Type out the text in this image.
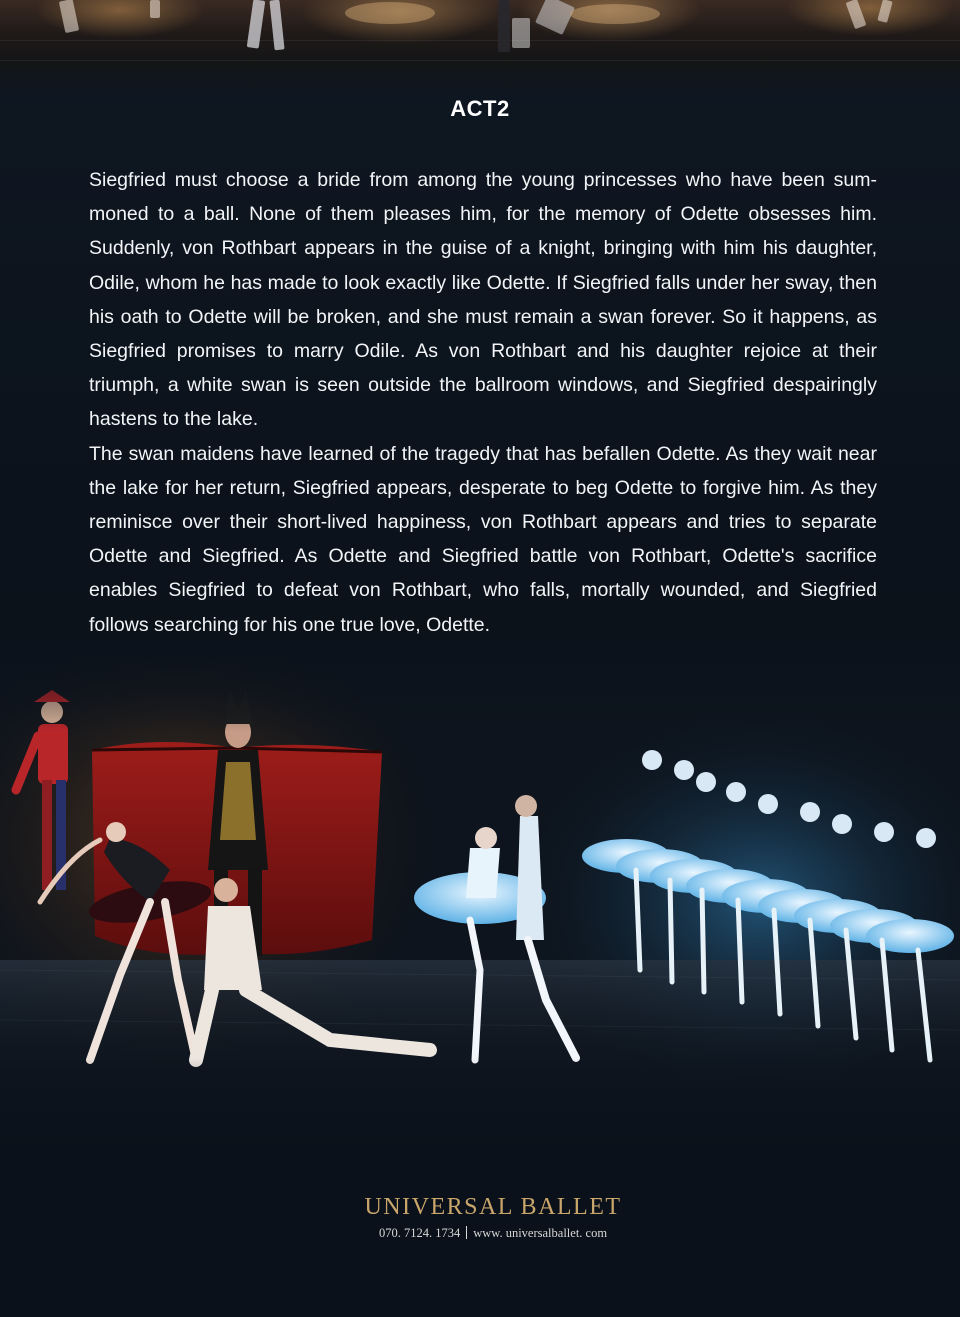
ACT2

Siegfried must choose a bride from among the young princesses who have been sum-moned to a ball. None of them pleases him, for the memory of Odette obsesses him. Suddenly, von Rothbart appears in the guise of a knight, bringing with him his daughter, Odile, whom he has made to look exactly like Odette. If Siegfried falls under her sway, then his oath to Odette will be broken, and she must remain a swan forever. So it happens, as Siegfried promises to marry Odile. As von Rothbart and his daughter rejoice at their triumph, a white swan is seen outside the ballroom windows, and Siegfried despairingly hastens to the lake.

The swan maidens have learned of the tragedy that has befallen Odette. As they wait near the lake for her return, Siegfried appears, desperate to beg Odette to forgive him. As they reminisce over their short-lived happiness, von Rothbart appears and tries to separate Odette and Siegfried. As Odette and Siegfried battle von Rothbart, Odette's sacrifice enables Siegfried to defeat von Rothbart, who falls, mortally wounded, and Siegfried follows searching for his one true love, Odette.

UNIVERSAL BALLET
070. 7124. 1734 www. universalballet. com
